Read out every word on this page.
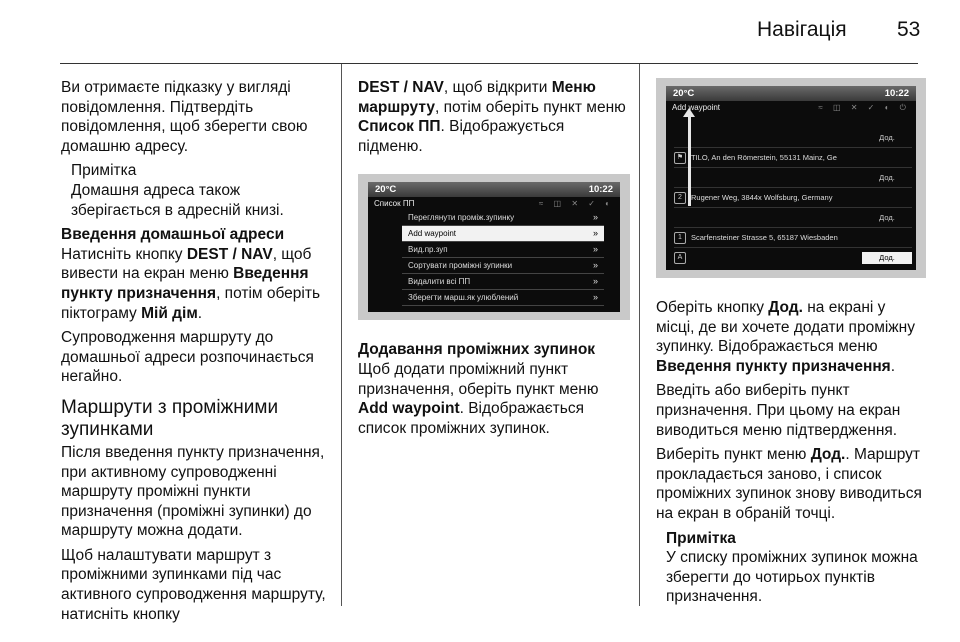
Навігація 53

Ви отримаєте підказку у вигляді повідомлення. Підтвердіть повідомлення, щоб зберегти свою домашню адресу.

Примітка

Домашня адреса також зберігається в адресній книзі.

Введення домашньої адреси

Натисніть кнопку DEST / NAV, щоб вивести на екран меню Введення пункту призначення, потім оберіть піктограму Мій дім.

Супроводження маршруту до домашньої адреси розпочинається негайно.

Маршрути з проміжними зупинками

Після введення пункту призначення, при активному супроводженні маршруту проміжні пункти призначення (проміжні зупинки) до маршруту можна додати.

Щоб налаштувати маршрут з проміжними зупинками під час активного супроводження маршруту, натисніть кнопку

DEST / NAV, щоб відкрити Меню маршруту, потім оберіть пункт меню Список ПП. Відображується підменю.

20°C	10:22
Список ПП	≈ ◫ ✕ ✓ ◐
Переглянути проміж.зупинку	»
Add waypoint	»
Вид.пр.зуп	»
Сортувати проміжні зупинки	»
Видалити всі ПП	»
Зберегти марш.як улюблений	»
Додавання проміжних зупинок

Щоб додати проміжний пункт призначення, оберіть пункт меню Add waypoint. Відображається список проміжних зупинок.

20°C	10:22
Add waypoint	≈ ◫ ✕ ✓ ◐ ⏻
Дод.
⚑	TILO, An den Römerstein, 55131 Mainz, Ge
Дод.
2	Rugener Weg, 3844x Wolfsburg, Germany
Дод.
1	Scarfensteiner Strasse 5, 65187 Wiesbaden
A	Дод.

Оберіть кнопку Дод. на екрані у місці, де ви хочете додати проміжну зупинку. Відображається меню Введення пункту призначення.

Введіть або виберіть пункт призначення. При цьому на екран виводиться меню підтвердження.

Виберіть пункт меню Дод.. Маршрут прокладається заново, і список проміжних зупинок знову виводиться на екран в обраній точці.

Примітка

У списку проміжних зупинок можна зберегти до чотирьох пунктів призначення.
